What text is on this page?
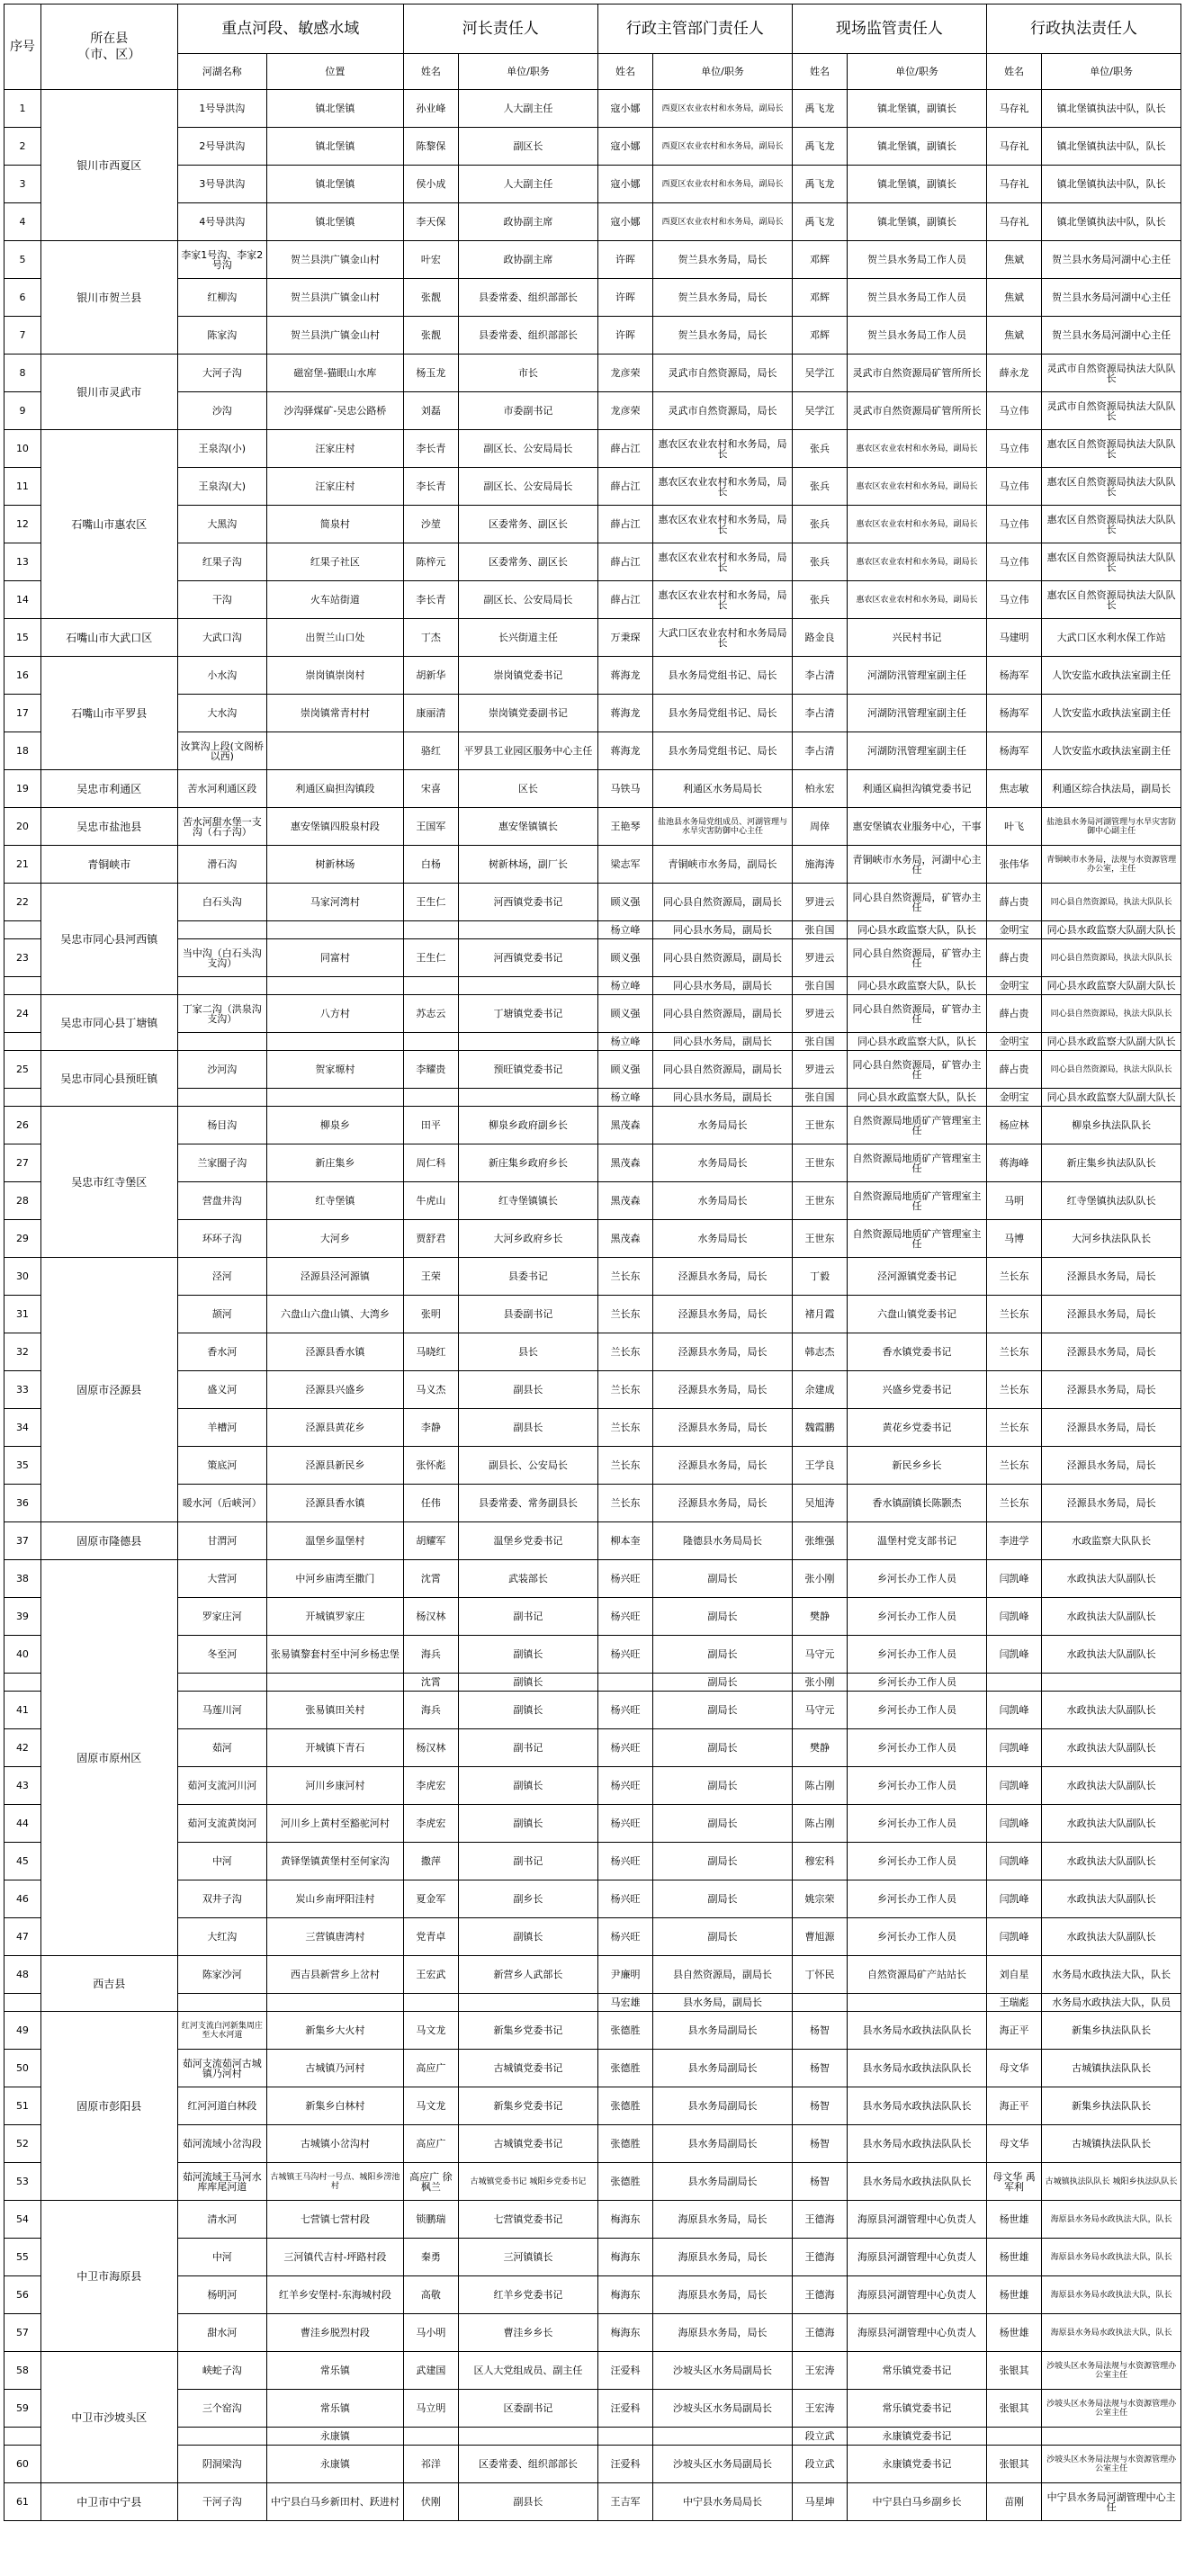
序号	所在县
（市、区）	重点河段、敏感水域		河长责任人		行政主管部门责任人		现场监管责任人		行政执法责任人	
		河湖名称	位置	姓名	单位/职务	姓名	单位/职务	姓名	单位/职务	姓名	单位/职务
1	银川市西夏区	1号导洪沟	镇北堡镇	孙业峰	人大副主任	寇小娜	西夏区农业农村和水务局，副局长	禹飞龙	镇北堡镇，副镇长	马存礼	镇北堡镇执法中队，队长
2		2号导洪沟	镇北堡镇	陈黎保	副区长	寇小娜	西夏区农业农村和水务局，副局长	禹飞龙	镇北堡镇，副镇长	马存礼	镇北堡镇执法中队，队长
3		3号导洪沟	镇北堡镇	侯小成	人大副主任	寇小娜	西夏区农业农村和水务局，副局长	禹飞龙	镇北堡镇，副镇长	马存礼	镇北堡镇执法中队，队长
4		4号导洪沟	镇北堡镇	李天保	政协副主席	寇小娜	西夏区农业农村和水务局，副局长	禹飞龙	镇北堡镇，副镇长	马存礼	镇北堡镇执法中队，队长
5	银川市贺兰县	李家1号沟、李家2号沟	贺兰县洪广镇金山村	叶宏	政协副主席	许晖	贺兰县水务局，局长	邓辉	贺兰县水务局工作人员	焦斌	贺兰县水务局河湖中心主任
6		红柳沟	贺兰县洪广镇金山村	张靓	县委常委、组织部部长	许晖	贺兰县水务局，局长	邓辉	贺兰县水务局工作人员	焦斌	贺兰县水务局河湖中心主任
7		陈家沟	贺兰县洪广镇金山村	张靓	县委常委、组织部部长	许晖	贺兰县水务局，局长	邓辉	贺兰县水务局工作人员	焦斌	贺兰县水务局河湖中心主任
8	银川市灵武市	大河子沟	磁窑堡-猫眼山水库	杨玉龙	市长	龙彦荣	灵武市自然资源局，局长	吴学江	灵武市自然资源局矿管所所长	薛永龙	灵武市自然资源局执法大队队长
9		沙沟	沙沟驿煤矿-吴忠公路桥	刘磊	市委副书记	龙彦荣	灵武市自然资源局，局长	吴学江	灵武市自然资源局矿管所所长	马立伟	灵武市自然资源局执法大队队长
10	石嘴山市惠农区	王泉沟(小)	汪家庄村	李长青	副区长、公安局局长	薛占江	惠农区农业农村和水务局，局长	张兵	惠农区农业农村和水务局，副局长	马立伟	惠农区自然资源局执法大队队长
11		王泉沟(大)	汪家庄村	李长青	副区长、公安局局长	薛占江	惠农区农业农村和水务局，局长	张兵	惠农区农业农村和水务局，副局长	马立伟	惠农区自然资源局执法大队队长
12		大黑沟	简泉村	沙堃	区委常务、副区长	薛占江	惠农区农业农村和水务局，局长	张兵	惠农区农业农村和水务局，副局长	马立伟	惠农区自然资源局执法大队队长
13		红果子沟	红果子社区	陈梓元	区委常务、副区长	薛占江	惠农区农业农村和水务局，局长	张兵	惠农区农业农村和水务局，副局长	马立伟	惠农区自然资源局执法大队队长
14		干沟	火车站街道	李长青	副区长、公安局局长	薛占江	惠农区农业农村和水务局，局长	张兵	惠农区农业农村和水务局，副局长	马立伟	惠农区自然资源局执法大队队长
15	石嘴山市大武口区	大武口沟	出贺兰山口处	丁杰	长兴街道主任	万秉琛	大武口区农业农村和水务局局长	路金良	兴民村书记	马建明	大武口区水利水保工作站
16	石嘴山市平罗县	小水沟	崇岗镇崇岗村	胡新华	崇岗镇党委书记	蒋海龙	县水务局党组书记、局长	李占清	河湖防汛管理室副主任	杨海军	人饮安监水政执法室副主任
17		大水沟	崇岗镇常青村村	康丽清	崇岗镇党委副书记	蒋海龙	县水务局党组书记、局长	李占清	河湖防汛管理室副主任	杨海军	人饮安监水政执法室副主任
18		汝箕沟上段(文阁桥以西)		骆红	平罗县工业园区服务中心主任	蒋海龙	县水务局党组书记、局长	李占清	河湖防汛管理室副主任	杨海军	人饮安监水政执法室副主任
19	吴忠市利通区	苦水河利通区段	利通区扁担沟镇段	宋喜	区长	马铁马	利通区水务局局长	柏永宏	利通区扁担沟镇党委书记	焦志敏	利通区综合执法局，副局长
20	吴忠市盐池县	苦水河甜水堡一支沟（石子沟）	惠安堡镇四股泉村段	王国军	惠安堡镇镇长	王艳琴	盐池县水务局党组成员、河湖管理与水旱灾害防御中心主任	周倖	惠安堡镇农业服务中心，干事	叶飞	盐池县水务局河湖管理与水旱灾害防御中心副主任
21	青铜峡市	滑石沟	树新林场	白杨	树新林场，副厂长	梁志军	青铜峡市水务局，副局长	施海涛	青铜峡市水务局，河湖中心主任	张伟华	青铜峡市水务局，法规与水资源管理办公室，主任
22	吴忠市同心县河西镇	白石头沟	马家河湾村	王生仁	河西镇党委书记	顾义强	同心县自然资源局，副局长	罗进云	同心县自然资源局，矿管办主任	薛占贵	同心县自然资源局，执法大队队长
						杨立峰	同心县水务局，副局长	张自国	同心县水政监察大队，队长	金明宝	同心县水政监察大队副大队长
23		当中沟（白石头沟支沟）	同富村	王生仁	河西镇党委书记	顾义强	同心县自然资源局，副局长	罗进云	同心县自然资源局，矿管办主任	薛占贵	同心县自然资源局，执法大队队长
						杨立峰	同心县水务局，副局长	张自国	同心县水政监察大队，队长	金明宝	同心县水政监察大队副大队长
24	吴忠市同心县丁塘镇	丁家二沟（洪泉沟支沟）	八方村	苏志云	丁塘镇党委书记	顾义强	同心县自然资源局，副局长	罗进云	同心县自然资源局，矿管办主任	薛占贵	同心县自然资源局，执法大队队长
						杨立峰	同心县水务局，副局长	张自国	同心县水政监察大队，队长	金明宝	同心县水政监察大队副大队长
25	吴忠市同心县预旺镇	沙河沟	贺家塬村	李耀贵	预旺镇党委书记	顾义强	同心县自然资源局，副局长	罗进云	同心县自然资源局，矿管办主任	薛占贵	同心县自然资源局，执法大队队长
						杨立峰	同心县水务局，副局长	张自国	同心县水政监察大队，队长	金明宝	同心县水政监察大队副大队长
26	吴忠市红寺堡区	杨目沟	柳泉乡	田平	柳泉乡政府副乡长	黑茂森	水务局局长	王世东	自然资源局地质矿产管理室主任	杨应林	柳泉乡执法队队长
27		兰家圈子沟	新庄集乡	周仁科	新庄集乡政府乡长	黑茂森	水务局局长	王世东	自然资源局地质矿产管理室主任	蒋海峰	新庄集乡执法队队长
28		营盘井沟	红寺堡镇	牛虎山	红寺堡镇镇长	黑茂森	水务局局长	王世东	自然资源局地质矿产管理室主任	马明	红寺堡镇执法队队长
29		环环子沟	大河乡	贾舒君	大河乡政府乡长	黑茂森	水务局局长	王世东	自然资源局地质矿产管理室主任	马博	大河乡执法队队长
30	固原市泾源县	泾河	泾源县泾河源镇	王荣	县委书记	兰长东	泾源县水务局，局长	丁毅	泾河源镇党委书记	兰长东	泾源县水务局，局长
31		颉河	六盘山六盘山镇、大湾乡	张明	县委副书记	兰长东	泾源县水务局，局长	褚月霞	六盘山镇党委书记	兰长东	泾源县水务局，局长
32		香水河	泾源县香水镇	马晓红	县长	兰长东	泾源县水务局，局长	韩志杰	香水镇党委书记	兰长东	泾源县水务局，局长
33		盛义河	泾源县兴盛乡	马义杰	副县长	兰长东	泾源县水务局，局长	余建成	兴盛乡党委书记	兰长东	泾源县水务局，局长
34		羊槽河	泾源县黄花乡	李静	副县长	兰长东	泾源县水务局，局长	魏霞鹏	黄花乡党委书记	兰长东	泾源县水务局，局长
35		策底河	泾源县新民乡	张怀彪	副县长、公安局长	兰长东	泾源县水务局，局长	王学良	新民乡乡长	兰长东	泾源县水务局，局长
36		暖水河（后峡河）	泾源县香水镇	任伟	县委常委、常务副县长	兰长东	泾源县水务局，局长	吴旭涛	香水镇副镇长陈颢杰	兰长东	泾源县水务局，局长
37	固原市隆德县	甘渭河	温堡乡温堡村	胡耀军	温堡乡党委书记	柳本奎	隆德县水务局局长	张维强	温堡村党支部书记	李进学	水政监察大队队长
38	固原市原州区	大营河	中河乡庙湾至撒门	沈霄	武装部长	杨兴旺	副局长	张小刚	乡河长办工作人员	闫凯峰	水政执法大队副队长
39		罗家庄河	开城镇罗家庄	杨汉林	副书记	杨兴旺	副局长	樊静	乡河长办工作人员	闫凯峰	水政执法大队副队长
40		冬至河	张易镇黎套村至中河乡杨忠堡	海兵	副镇长	杨兴旺	副局长	马守元	乡河长办工作人员	闫凯峰	水政执法大队副队长
				沈霄	副镇长		副局长	张小刚	乡河长办工作人员		
41		马莲川河	张易镇田关村	海兵	副镇长	杨兴旺	副局长	马守元	乡河长办工作人员	闫凯峰	水政执法大队副队长
42		茹河	开城镇下青石	杨汉林	副书记	杨兴旺	副局长	樊静	乡河长办工作人员	闫凯峰	水政执法大队副队长
43		茹河支流河川河	河川乡康河村	李虎宏	副镇长	杨兴旺	副局长	陈占刚	乡河长办工作人员	闫凯峰	水政执法大队副队长
44		茹河支流黄岗河	河川乡上黄村至豁驼河村	李虎宏	副镇长	杨兴旺	副局长	陈占刚	乡河长办工作人员	闫凯峰	水政执法大队副队长
45		中河	黄铎堡镇黄堡村至何家沟	撒萍	副书记	杨兴旺	副局长	穆宏科	乡河长办工作人员	闫凯峰	水政执法大队副队长
46		双井子沟	炭山乡南坪阳洼村	夏金军	副乡长	杨兴旺	副局长	姚宗荣	乡河长办工作人员	闫凯峰	水政执法大队副队长
47		大红沟	三营镇唐湾村	党青卓	副镇长	杨兴旺	副局长	曹旭源	乡河长办工作人员	闫凯峰	水政执法大队副队长
48	西吉县	陈家沙河	西吉县新营乡上岔村	王宏武	新营乡人武部长	尹廉明	县自然资源局，副局长	丁怀民	自然资源局矿产站站长	刘自星	水务局水政执法大队，队长
						马宏雄	县水务局，副局长			王瑞彪	水务局水政执法大队，队员
49	固原市彭阳县	红河支流白河新集周庄至大水河道	新集乡大火村	马文龙	新集乡党委书记	张德胜	县水务局副局长	杨智	县水务局水政执法队队长	海正平	新集乡执法队队长
50		茹河支流茹河古城镇乃河村	古城镇乃河村	高应广	古城镇党委书记	张德胜	县水务局副局长	杨智	县水务局水政执法队队长	母文华	古城镇执法队队长
51		红河河道白林段	新集乡白林村	马文龙	新集乡党委书记	张德胜	县水务局副局长	杨智	县水务局水政执法队队长	海正平	新集乡执法队队长
52		茹河流域小岔沟段	古城镇小岔沟村	高应广	古城镇党委书记	张德胜	县水务局副局长	杨智	县水务局水政执法队队长	母文华	古城镇执法队队长
53		茹河流域王马河水库库尾河道	古城镇王马沟村一号点、城阳乡涝池村	高应广 徐枫兰	古城镇党委书记 城阳乡党委书记	张德胜	县水务局副局长	杨智	县水务局水政执法队队长	母文华 禹军利	古城镇执法队队长 城阳乡执法队队长
54	中卫市海原县	清水河	七营镇七营村段	锁鹏瑞	七营镇党委书记	梅海东	海原县水务局，局长	王德海	海原县河湖管理中心负责人	杨世雄	海原县水务局水政执法大队，队长
55		中河	三河镇代吉村-坪路村段	秦勇	三河镇镇长	梅海东	海原县水务局，局长	王德海	海原县河湖管理中心负责人	杨世雄	海原县水务局水政执法大队，队长
56		杨明河	红羊乡安堡村-东海城村段	高敬	红羊乡党委书记	梅海东	海原县水务局，局长	王德海	海原县河湖管理中心负责人	杨世雄	海原县水务局水政执法大队，队长
57		甜水河	曹洼乡脱烈村段	马小明	曹洼乡乡长	梅海东	海原县水务局，局长	王德海	海原县河湖管理中心负责人	杨世雄	海原县水务局水政执法大队，队长
58	中卫市沙坡头区	峡蛇子沟	常乐镇	武建国	区人大党组成员、副主任	汪爱科	沙坡头区水务局副局长	王宏涛	常乐镇党委书记	张银其	沙坡头区水务局法规与水资源管理办公室主任
59		三个窑沟	常乐镇	马立明	区委副书记	汪爱科	沙坡头区水务局副局长	王宏涛	常乐镇党委书记	张银其	沙坡头区水务局法规与水资源管理办公室主任
			永康镇					段立武	永康镇党委书记		
60		阴洞梁沟	永康镇	祁洋	区委常委、组织部部长	汪爱科	沙坡头区水务局副局长	段立武	永康镇党委书记	张银其	沙坡头区水务局法规与水资源管理办公室主任
61	中卫市中宁县	干河子沟	中宁县白马乡新田村、跃进村	伏刚	副县长	王吉军	中宁县水务局局长	马星坤	中宁县白马乡副乡长	苗刚	中宁县水务局河湖管理中心主任
